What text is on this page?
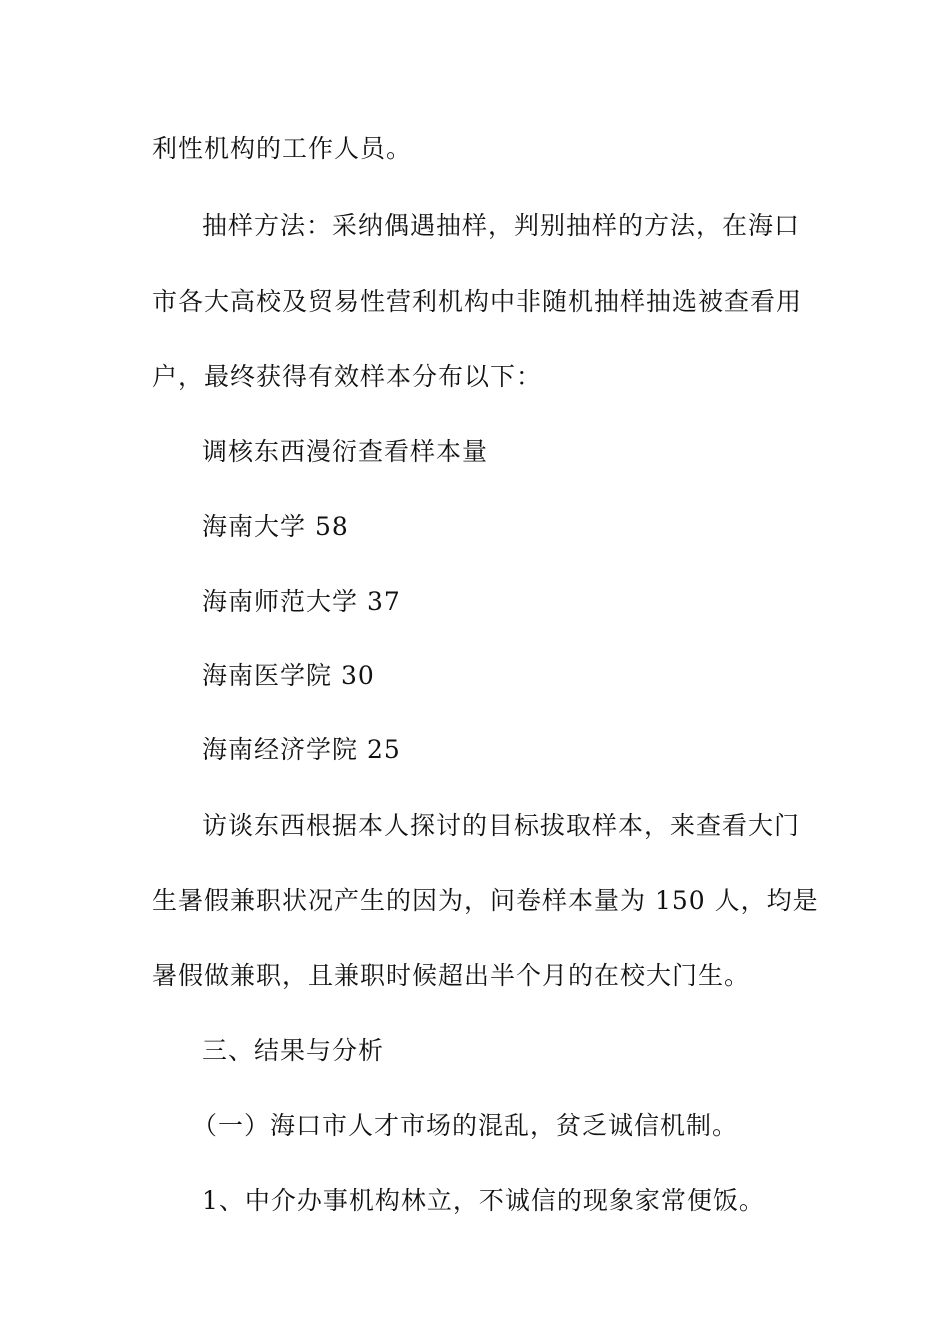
利性机构的工作人员。
抽样方法：采纳偶遇抽样，判别抽样的方法，在海口
市各大高校及贸易性营利机构中非随机抽样抽选被查看用
户，最终获得有效样本分布以下：
调核东西漫衍查看样本量
海南大学 58
海南师范大学 37
海南医学院 30
海南经济学院 25
访谈东西根据本人探讨的目标拔取样本，来查看大门
生暑假兼职状况产生的因为，问卷样本量为 150 人，均是
暑假做兼职，且兼职时候超出半个月的在校大门生。
三、结果与分析
（一）海口市人才市场的混乱，贫乏诚信机制。
1、中介办事机构林立，不诚信的现象家常便饭。
